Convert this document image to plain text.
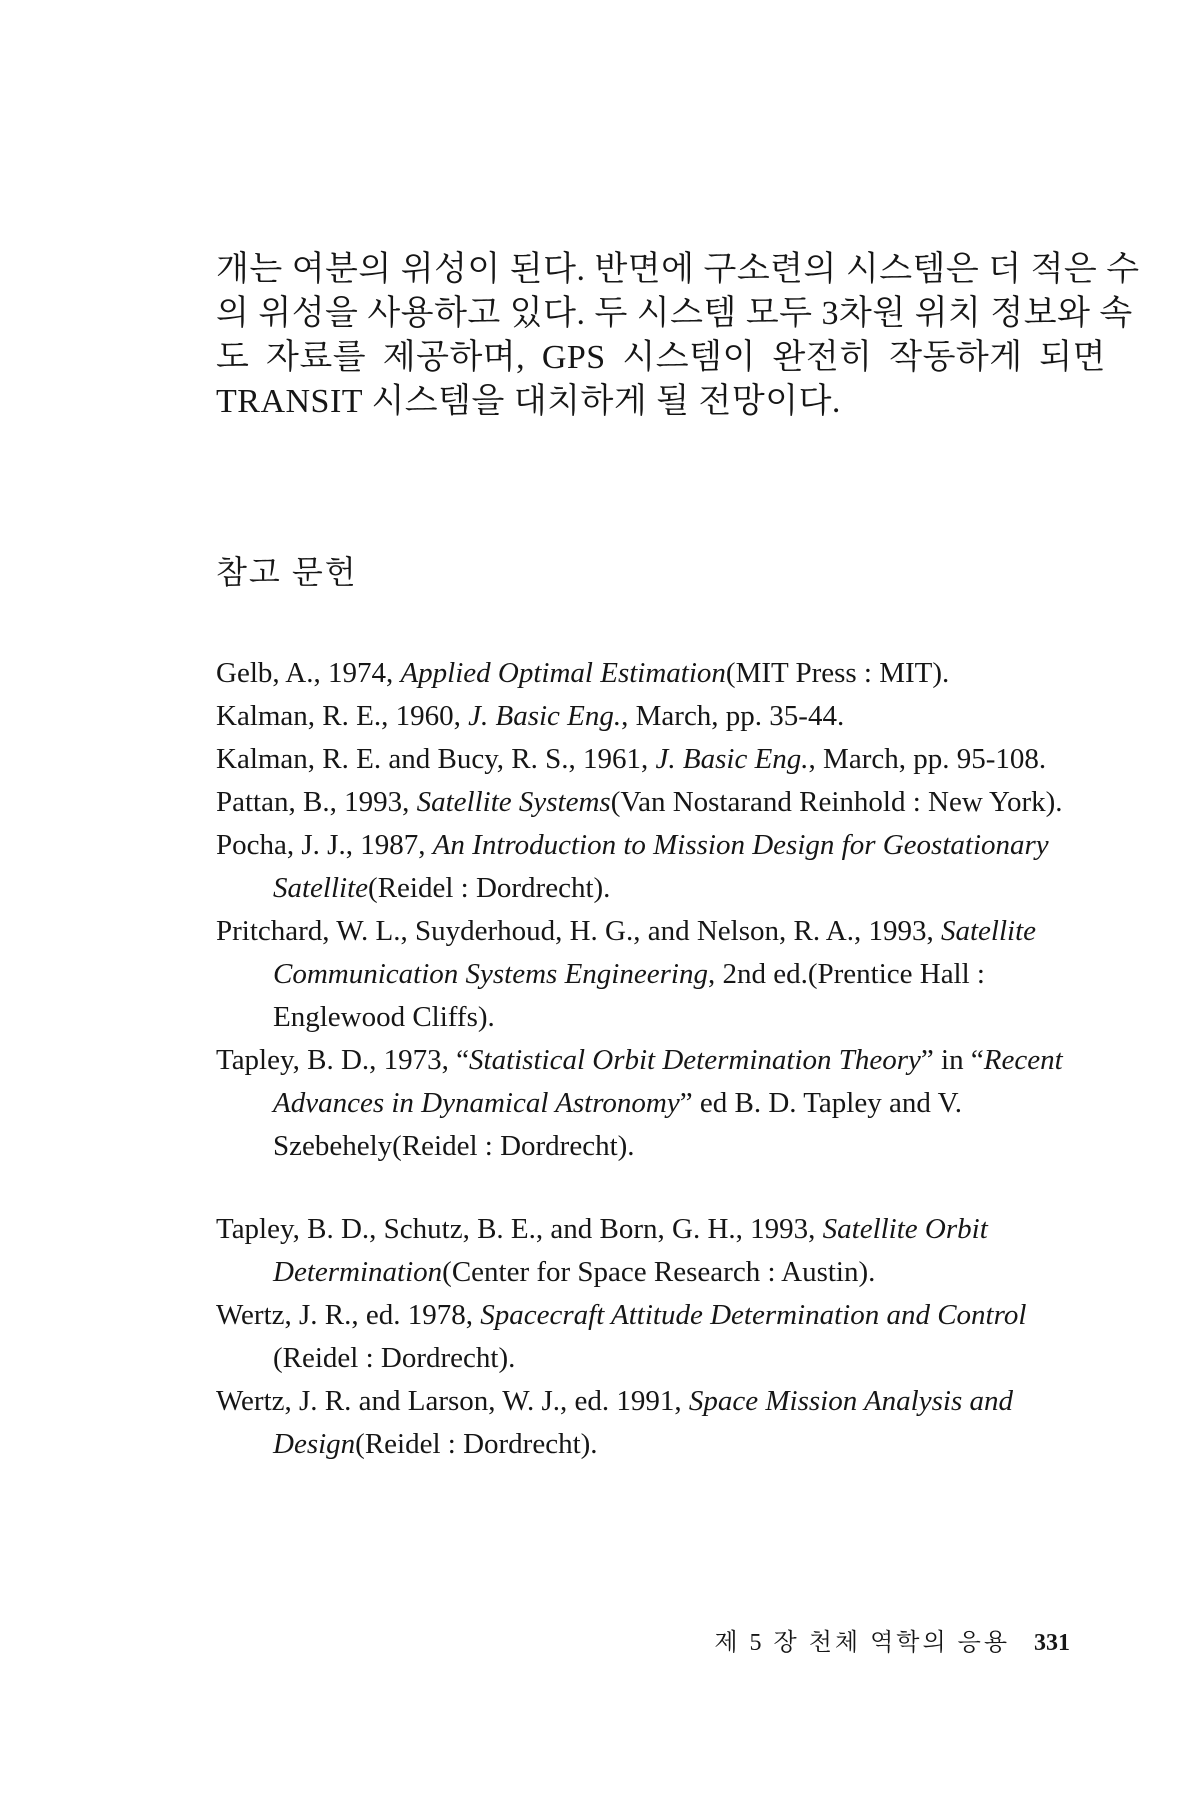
개는 여분의 위성이 된다. 반면에 구소련의 시스템은 더 적은 수
의 위성을 사용하고 있다. 두 시스템 모두 3차원 위치 정보와 속
도 자료를 제공하며, GPS 시스템이 완전히 작동하게 되면
TRANSIT 시스템을 대치하게 될 전망이다.
참고 문헌
Gelb, A., 1974, Applied Optimal Estimation(MIT Press : MIT).
Kalman, R. E., 1960, J. Basic Eng., March, pp. 35-44.
Kalman, R. E. and Bucy, R. S., 1961, J. Basic Eng., March, pp. 95-108.
Pattan, B., 1993, Satellite Systems(Van Nostarand Reinhold : New York).
Pocha, J. J., 1987, An Introduction to Mission Design for Geostationary Satellite(Reidel : Dordrecht).
Pritchard, W. L., Suyderhoud, H. G., and Nelson, R. A., 1993, Satellite Communication Systems Engineering, 2nd ed.(Prentice Hall : Englewood Cliffs).
Tapley, B. D., 1973, “Statistical Orbit Determination Theory” in “Recent Advances in Dynamical Astronomy” ed B. D. Tapley and V. Szebehely(Reidel : Dordrecht).
Tapley, B. D., Schutz, B. E., and Born, G. H., 1993, Satellite Orbit Determination(Center for Space Research : Austin).
Wertz, J. R., ed. 1978, Spacecraft Attitude Determination and Control (Reidel : Dordrecht).
Wertz, J. R. and Larson, W. J., ed. 1991, Space Mission Analysis and Design(Reidel : Dordrecht).
제 5 장 천체 역학의 응용 331
